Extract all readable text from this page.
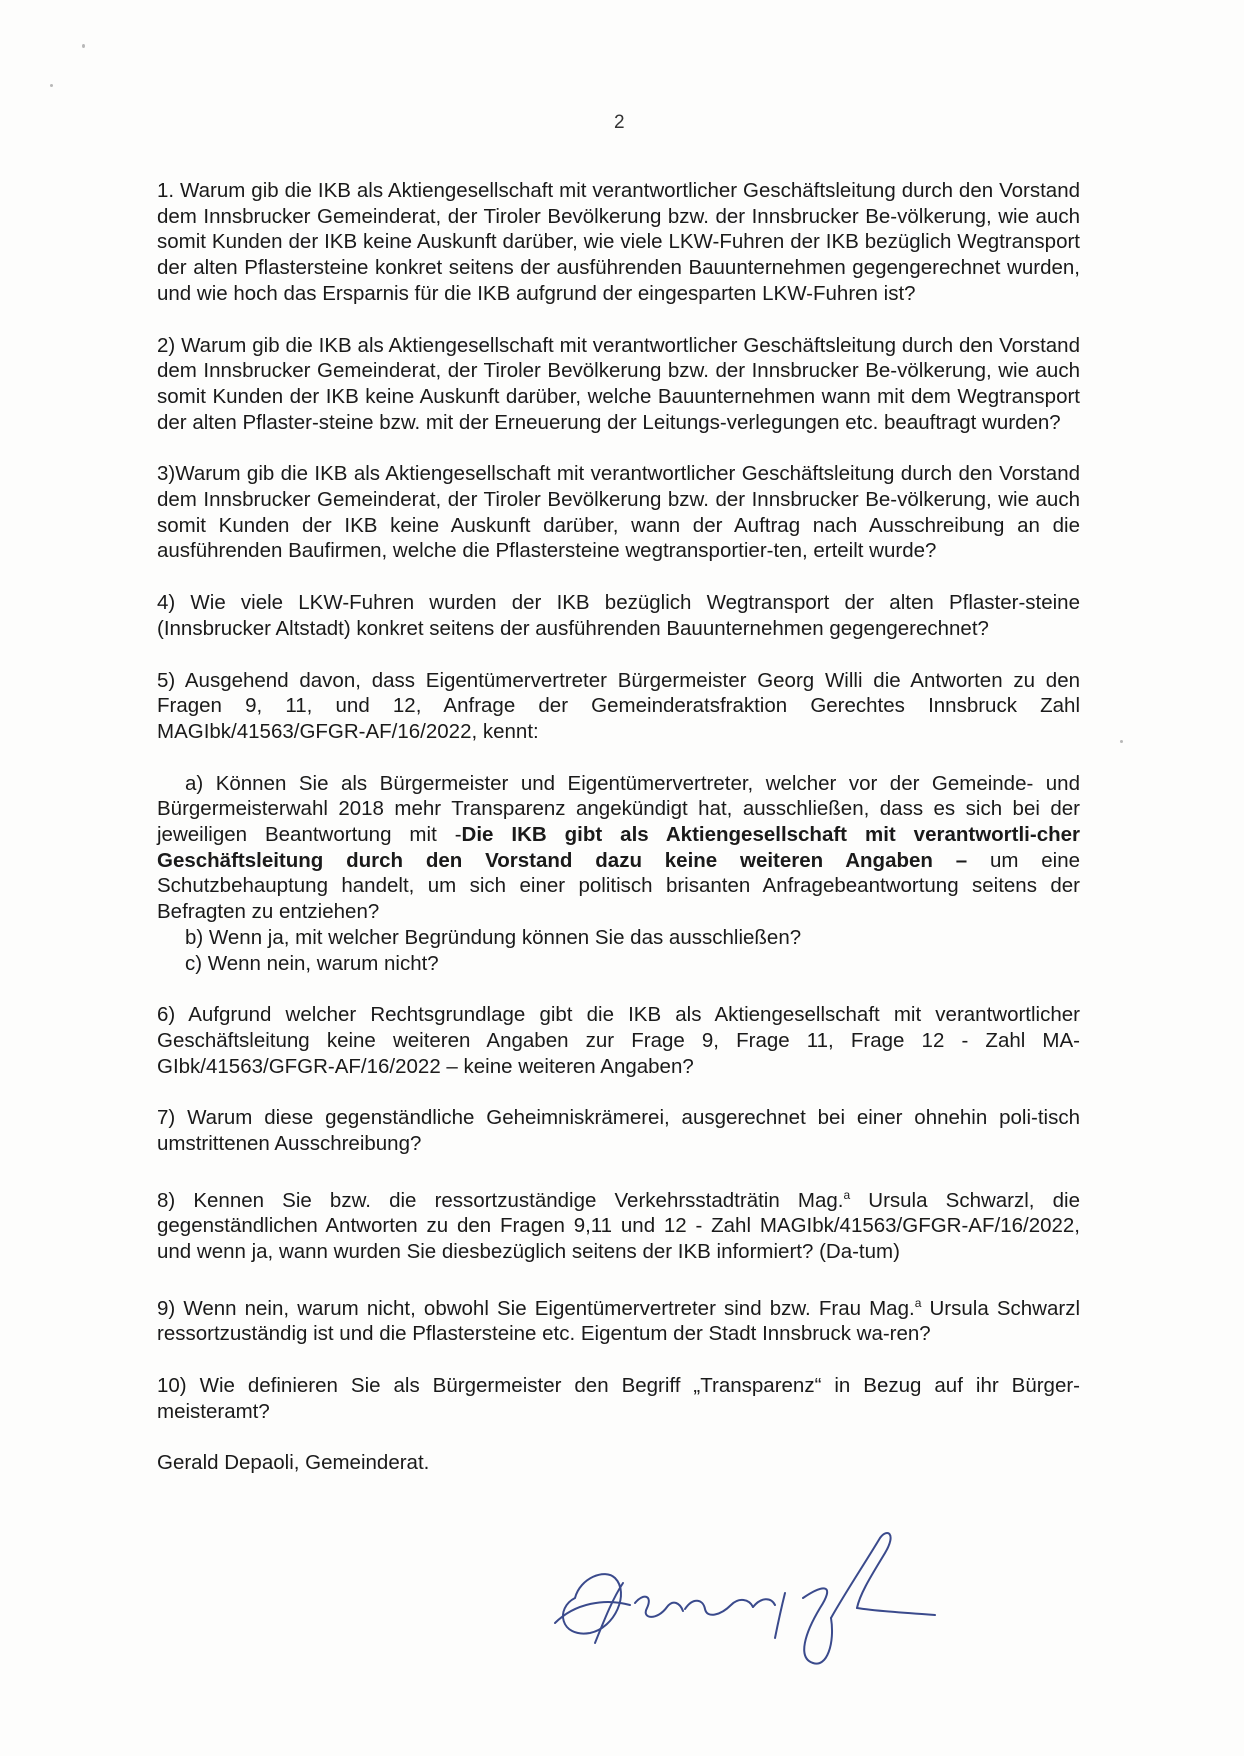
2

1. Warum gib die IKB als Aktiengesellschaft mit verantwortlicher Geschäftsleitung durch den Vorstand dem Innsbrucker Gemeinderat, der Tiroler Bevölkerung bzw. der Innsbrucker Be-völkerung, wie auch somit Kunden der IKB keine Auskunft darüber, wie viele LKW-Fuhren der IKB bezüglich Wegtransport der alten Pflastersteine konkret seitens der ausführenden Bauunternehmen gegengerechnet wurden, und wie hoch das Ersparnis für die IKB aufgrund der eingesparten LKW-Fuhren ist?

2) Warum gib die IKB als Aktiengesellschaft mit verantwortlicher Geschäftsleitung durch den Vorstand dem Innsbrucker Gemeinderat, der Tiroler Bevölkerung bzw. der Innsbrucker Be-völkerung, wie auch somit Kunden der IKB keine Auskunft darüber, welche Bauunternehmen wann mit dem Wegtransport der alten Pflaster-steine bzw. mit der Erneuerung der Leitungs-verlegungen etc. beauftragt wurden?

3)Warum gib die IKB als Aktiengesellschaft mit verantwortlicher Geschäftsleitung durch den Vorstand dem Innsbrucker Gemeinderat, der Tiroler Bevölkerung bzw. der Innsbrucker Be-völkerung, wie auch somit Kunden der IKB keine Auskunft darüber, wann der Auftrag nach Ausschreibung an die ausführenden Baufirmen, welche die Pflastersteine wegtransportier-ten, erteilt wurde?

4) Wie viele LKW-Fuhren wurden der IKB bezüglich Wegtransport der alten Pflaster-steine (Innsbrucker Altstadt) konkret seitens der ausführenden Bauunternehmen gegengerechnet?

5) Ausgehend davon, dass Eigentümervertreter Bürgermeister Georg Willi die Antworten zu den Fragen 9, 11, und 12, Anfrage der Gemeinderatsfraktion Gerechtes Innsbruck Zahl MAGIbk/41563/GFGR-AF/16/2022, kennt:

a) Können Sie als Bürgermeister und Eigentümervertreter, welcher vor der Gemeinde- und Bürgermeisterwahl 2018 mehr Transparenz angekündigt hat, ausschließen, dass es sich bei der jeweiligen Beantwortung mit -Die IKB gibt als Aktiengesellschaft mit verantwortli-cher Geschäftsleitung durch den Vorstand dazu keine weiteren Angaben – um eine Schutzbehauptung handelt, um sich einer politisch brisanten Anfragebeantwortung seitens der Befragten zu entziehen?

b) Wenn ja, mit welcher Begründung können Sie das ausschließen?

c) Wenn nein, warum nicht?

6) Aufgrund welcher Rechtsgrundlage gibt die IKB als Aktiengesellschaft mit verantwortlicher Geschäftsleitung keine weiteren Angaben zur Frage 9, Frage 11, Frage 12 - Zahl MA-GIbk/41563/GFGR-AF/16/2022 – keine weiteren Angaben?

7) Warum diese gegenständliche Geheimniskrämerei, ausgerechnet bei einer ohnehin poli-tisch umstrittenen Ausschreibung?

8) Kennen Sie bzw. die ressortzuständige Verkehrsstadträtin Mag.$^a$ Ursula Schwarzl, die gegenständlichen Antworten zu den Fragen 9,11 und 12 - Zahl MAGIbk/41563/GFGR-AF/16/2022, und wenn ja, wann wurden Sie diesbezüglich seitens der IKB informiert? (Da-tum)

9) Wenn nein, warum nicht, obwohl Sie Eigentümervertreter sind bzw. Frau Mag.$^a$ Ursula Schwarzl ressortzuständig ist und die Pflastersteine etc. Eigentum der Stadt Innsbruck wa-ren?

10) Wie definieren Sie als Bürgermeister den Begriff „Transparenz“ in Bezug auf ihr Bürger-meisteramt?

Gerald Depaoli, Gemeinderat.
